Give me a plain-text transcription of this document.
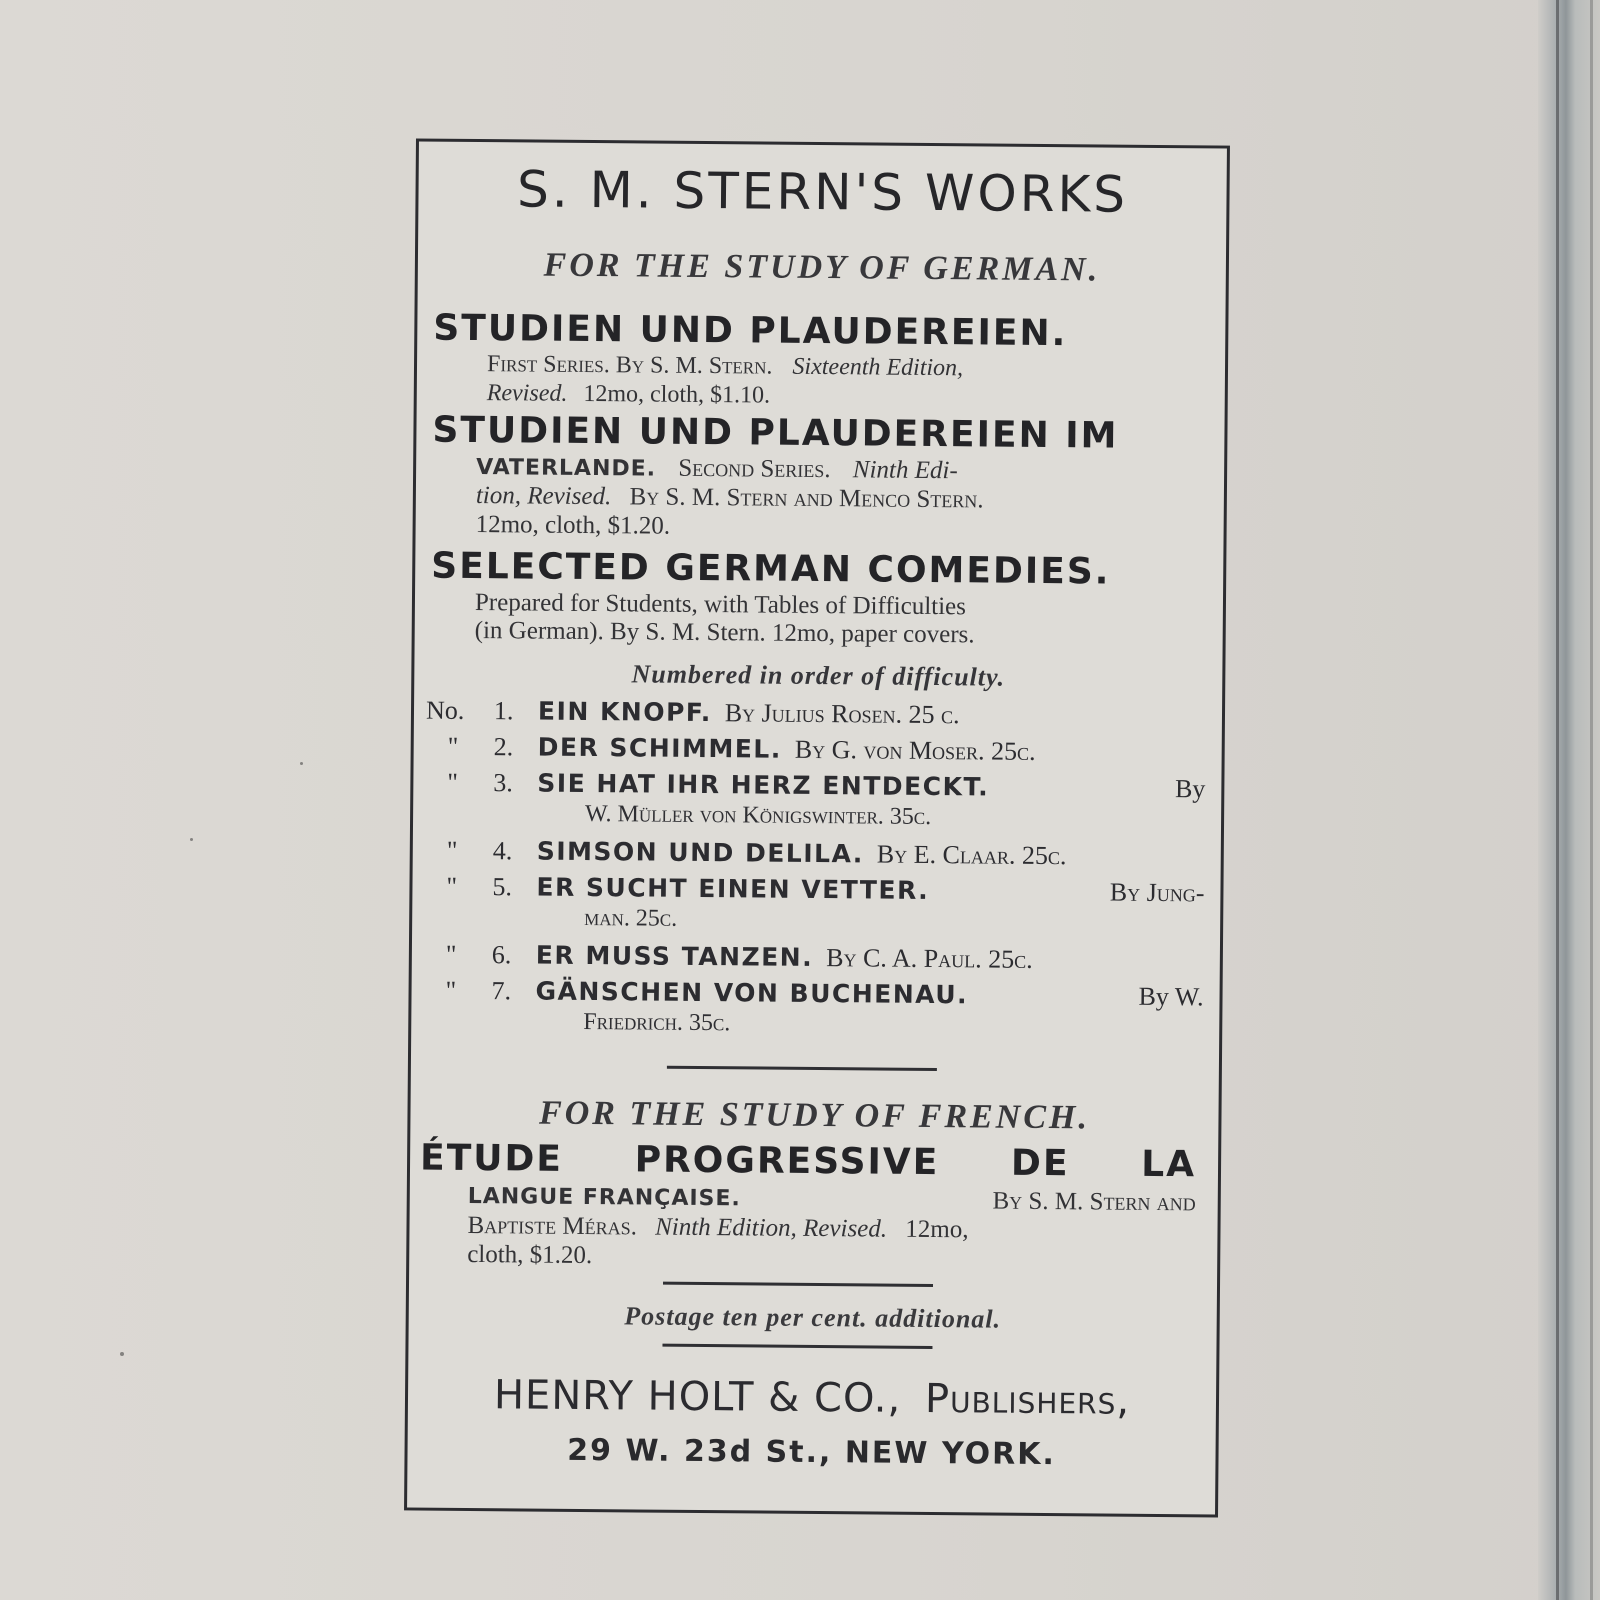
S. M. STERN'S WORKS
FOR THE STUDY OF GERMAN.
STUDIEN UND PLAUDEREIEN.
First Series. By S. M. Stern. Sixteenth Edition,
Revised. 12mo, cloth, $1.10.
STUDIEN UND PLAUDEREIEN IM
VATERLANDE. Second Series. Ninth Edi-
tion, Revised. By S. M. Stern and Menco Stern.
12mo, cloth, $1.20.
SELECTED GERMAN COMEDIES.
Prepared for Students, with Tables of Difficulties
(in German). By S. M. Stern. 12mo, paper covers.
Numbered in order of difficulty.
No.	1. EIN KNOPF. By Julius Rosen. 25 c.
"	2. DER SCHIMMEL. By G. von Moser. 25c.
"	3. SIE HAT IHR HERZ ENTDECKT.	By
W. Müller von Königswinter. 35c.
"	4. SIMSON UND DELILA. By E. Claar. 25c.
"	5. ER SUCHT EINEN VETTER.	By Jung-
man. 25c.
"	6. ER MUSS TANZEN. By C. A. Paul. 25c.
"	7. GÄNSCHEN VON BUCHENAU.	By W.
Friedrich. 35c.
FOR THE STUDY OF FRENCH.
ÉTUDE PROGRESSIVE DE LA
LANGUE FRANÇAISE.	By S. M. Stern and
Baptiste Méras. Ninth Edition, Revised. 12mo,
cloth, $1.20.
Postage ten per cent. additional.
HENRY HOLT & CO., Publishers,
29 W. 23d St., NEW YORK.
